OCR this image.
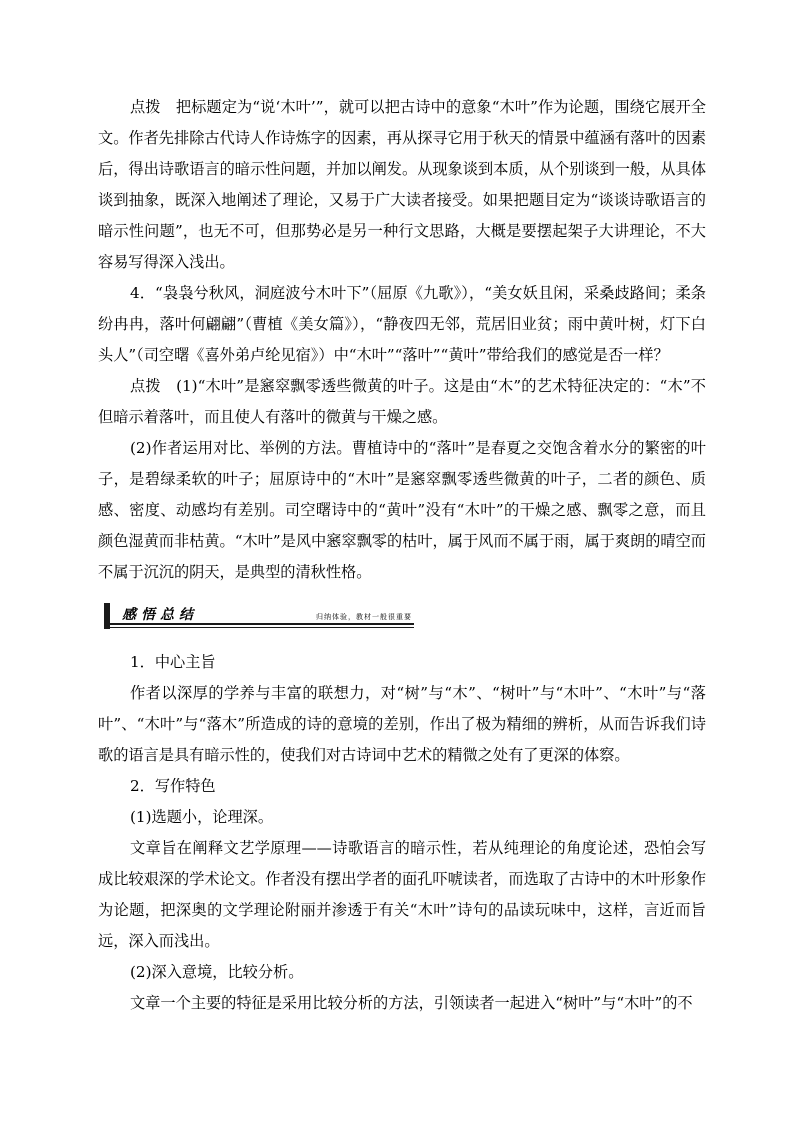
点拨　把标题定为“说‘木叶’”，就可以把古诗中的意象“木叶”作为论题，围绕它展开全文。作者先排除古代诗人作诗炼字的因素，再从探寻它用于秋天的情景中蕴涵有落叶的因素后，得出诗歌语言的暗示性问题，并加以阐发。从现象谈到本质，从个别谈到一般，从具体谈到抽象，既深入地阐述了理论，又易于广大读者接受。如果把题目定为“谈谈诗歌语言的暗示性问题”，也无不可，但那势必是另一种行文思路，大概是要摆起架子大讲理论，不大容易写得深入浅出。

4．“袅袅兮秋风，洞庭波兮木叶下”（屈原《九歌》），“美女妖且闲，采桑歧路间；柔条纷冉冉，落叶何翩翩”（曹植《美女篇》），“静夜四无邻，荒居旧业贫；雨中黄叶树，灯下白头人”（司空曙《喜外弟卢纶见宿》）中“木叶”“落叶”“黄叶”带给我们的感觉是否一样？

点拨　(1)“木叶”是窸窣飘零透些微黄的叶子。这是由“木”的艺术特征决定的：“木”不但暗示着落叶，而且使人有落叶的微黄与干燥之感。

(2)作者运用对比、举例的方法。曹植诗中的“落叶”是春夏之交饱含着水分的繁密的叶子，是碧绿柔软的叶子；屈原诗中的“木叶”是窸窣飘零透些微黄的叶子，二者的颜色、质感、密度、动感均有差别。司空曙诗中的“黄叶”没有“木叶”的干燥之感、飘零之意，而且颜色湿黄而非枯黄。“木叶”是风中窸窣飘零的枯叶，属于风而不属于雨，属于爽朗的晴空而不属于沉沉的阴天，是典型的清秋性格。

感悟总结	归纳体验，教材一般很重要

1．中心主旨

作者以深厚的学养与丰富的联想力，对“树”与“木”、“树叶”与“木叶”、“木叶”与“落叶”、“木叶”与“落木”所造成的诗的意境的差别，作出了极为精细的辨析，从而告诉我们诗歌的语言是具有暗示性的，使我们对古诗词中艺术的精微之处有了更深的体察。

2．写作特色

(1)选题小，论理深。

文章旨在阐释文艺学原理——诗歌语言的暗示性，若从纯理论的角度论述，恐怕会写成比较艰深的学术论文。作者没有摆出学者的面孔吓唬读者，而选取了古诗中的木叶形象作为论题，把深奥的文学理论附丽并渗透于有关“木叶”诗句的品读玩味中，这样，言近而旨远，深入而浅出。

(2)深入意境，比较分析。

文章一个主要的特征是采用比较分析的方法，引领读者一起进入“树叶”与“木叶”的不
